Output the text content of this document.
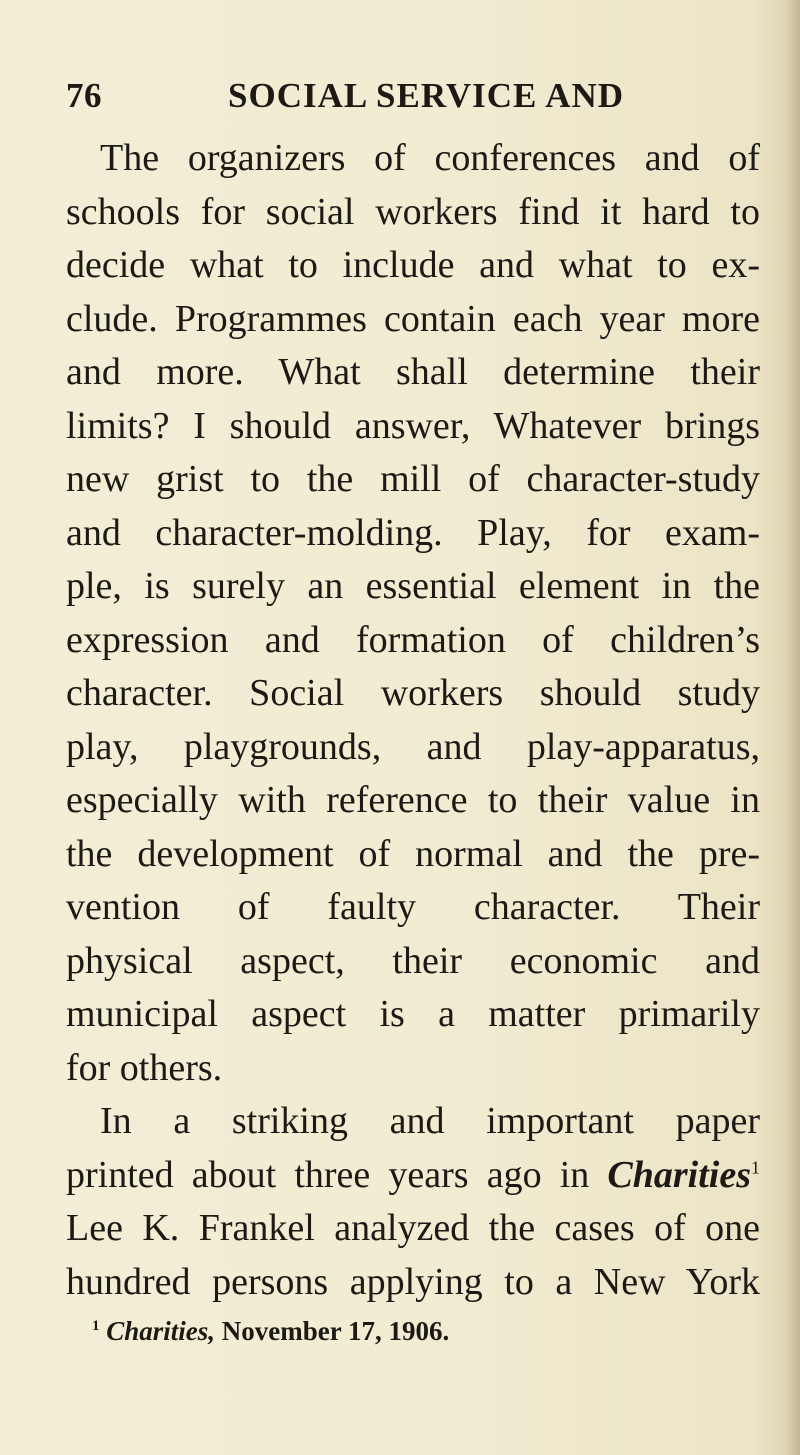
76	SOCIAL SERVICE AND
The organizers of conferences and of
schools for social workers find it hard to
decide what to include and what to ex-
clude. Programmes contain each year more
and more. What shall determine their
limits? I should answer, Whatever brings
new grist to the mill of character-study
and character-molding. Play, for exam-
ple, is surely an essential element in the
expression and formation of children’s
character. Social workers should study
play, playgrounds, and play-apparatus,
especially with reference to their value in
the development of normal and the pre-
vention of faulty character. Their
physical aspect, their economic and
municipal aspect is a matter primarily
for others.
In a striking and important paper
printed about three years ago in Charities$^1$
Lee K. Frankel analyzed the cases of one
hundred persons applying to a New York
$^1$ Charities, November 17, 1906.
